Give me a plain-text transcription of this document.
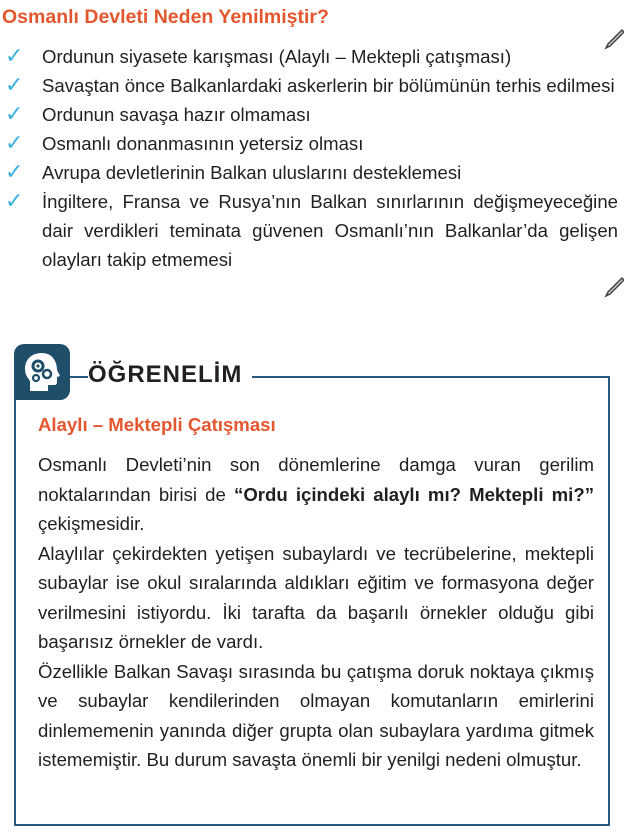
Osmanlı Devleti Neden Yenilmiştir?
✓ Ordunun siyasete karışması (Alaylı – Mektepli çatışması)
✓ Savaştan önce Balkanlardaki askerlerin bir bölümünün terhis edilmesi
✓ Ordunun savaşa hazır olmaması
✓ Osmanlı donanmasının yetersiz olması
✓ Avrupa devletlerinin Balkan uluslarını desteklemesi
✓ İngiltere, Fransa ve Rusya’nın Balkan sınırlarının değişmeyeceğine dair verdikleri teminata güvenen Osmanlı’nın Balkanlar’da gelişen olayları takip etmemesi
ÖĞRENELİM
Alaylı – Mektepli Çatışması

Osmanlı Devleti’nin son dönemlerine damga vuran gerilim noktalarından birisi de “Ordu içindeki alaylı mı? Mektepli mi?” çekişmesidir.

Alaylılar çekirdekten yetişen subaylardı ve tecrübelerine, mektepli subaylar ise okul sıralarında aldıkları eğitim ve formasyona değer verilmesini istiyordu. İki tarafta da başarılı örnekler olduğu gibi başarısız örnekler de vardı.

Özellikle Balkan Savaşı sırasında bu çatışma doruk noktaya çıkmış ve subaylar kendilerinden olmayan komutanların emirlerini dinlememenin yanında diğer grupta olan subaylara yardıma gitmek istememiştir. Bu durum savaşta önemli bir yenilgi nedeni olmuştur.
